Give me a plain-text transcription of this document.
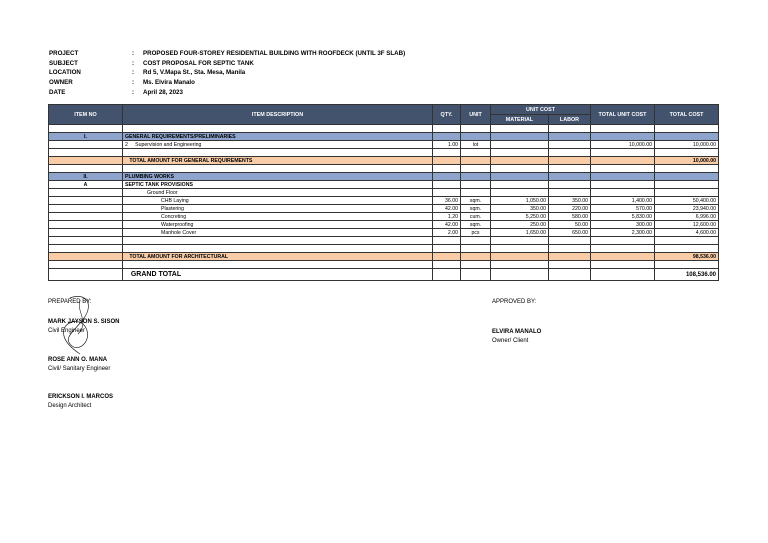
PROJECT	:	PROPOSED FOUR-STOREY RESIDENTIAL BUILDING WITH ROOFDECK (UNTIL 3F SLAB)
SUBJECT	:	COST PROPOSAL FOR SEPTIC TANK
LOCATION	:	Rd 5, V.Mapa St., Sta. Mesa, Manila
OWNER	:	Ms. Elvira Manalo
DATE	:	April 28, 2023
ITEM NO	ITEM DESCRIPTION	QTY.	UNIT	UNIT COST		TOTAL UNIT COST	TOTAL COST
				MATERIAL	LABOR		

I.	GENERAL REQUIREMENTS/PRELIMINARIES						
	2 Supervision and Engineering	1.00	lot			10,000.00	10,000.00

	TOTAL AMOUNT FOR GENERAL REQUIREMENTS						10,000.00

II.	PLUMBING WORKS						
A	SEPTIC TANK PROVISIONS						
	Ground Floor						
	CHB Laying	36.00	sqm.	1,050.00	350.00	1,400.00	50,400.00
	Plastering	42.00	sqm.	350.00	220.00	570.00	23,940.00
	Concreting	1.20	cum.	5,250.00	580.00	5,830.00	6,996.00
	Waterproofing	42.00	sqm.	250.00	50.00	300.00	12,600.00
	Manhole Cover	2.00	pcs	1,650.00	650.00	2,300.00	4,600.00

	TOTAL AMOUNT FOR ARCHITECTURAL						98,536.00

	GRAND TOTAL						108,536.00
PREPARED BY:
MARK JAYSON S. SISON
Civil Engineer
ROSE ANN O. MANA
Civil/ Sanitary Engineer
ERICKSON I. MARCOS
Design Architect
APPROVED BY:
ELVIRA MANALO
Owner/ Client
